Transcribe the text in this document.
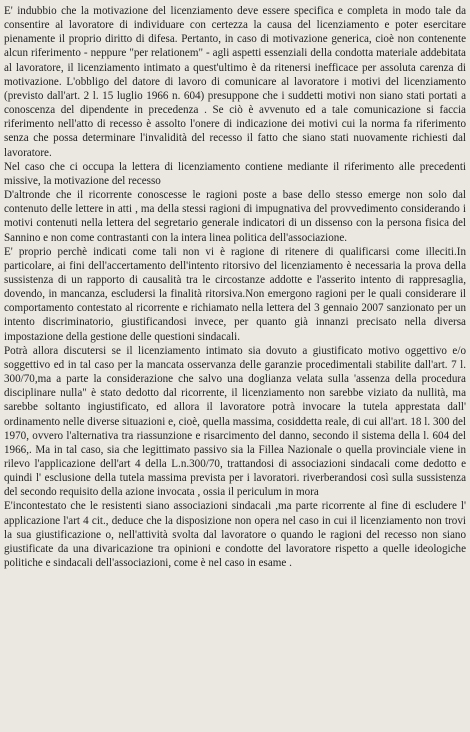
E' indubbio che la motivazione del licenziamento deve essere specifica e completa in modo tale da consentire al lavoratore di individuare con certezza la causa del licenziamento e poter esercitare pienamente il proprio diritto di difesa. Pertanto, in caso di motivazione generica, cioè non contenente alcun riferimento - neppure "per relationem" - agli aspetti essenziali della condotta materiale addebitata al lavoratore, il licenziamento intimato a quest'ultimo è da ritenersi inefficace per assoluta carenza di motivazione. L'obbligo del datore di lavoro di comunicare al lavoratore i motivi del licenziamento (previsto dall'art. 2 l. 15 luglio 1966 n. 604) presuppone che i suddetti motivi non siano stati portati a conoscenza del dipendente in precedenza . Se ciò è avvenuto ed a tale comunicazione si faccia riferimento nell'atto di recesso è assolto l'onere di indicazione dei motivi cui la norma fa riferimento senza che possa determinare l'invalidità del recesso il fatto che siano stati nuovamente richiesti dal lavoratore.

Nel caso che ci occupa la lettera di licenziamento contiene mediante il riferimento alle precedenti missive, la motivazione del recesso

D'altronde che il ricorrente conoscesse le ragioni poste a base dello stesso emerge non solo dal contenuto delle lettere in atti , ma della stessi ragioni di impugnativa del provvedimento considerando i motivi contenuti nella lettera del segretario generale indicatori di un dissenso con la persona fisica del Sannino e non come contrastanti con la intera linea politica dell'associazione.

E' proprio perchè indicati come tali non vi è ragione di ritenere di qualificarsi come illeciti.In particolare, ai fini dell'accertamento dell'intento ritorsivo del licenziamento è necessaria la prova della sussistenza di un rapporto di causalità tra le circostanze addotte e l'asserito intento di rappresaglia, dovendo, in mancanza, escludersi la finalità ritorsiva.Non emergono ragioni per le quali considerare il comportamento contestato al ricorrente e richiamato nella lettera del 3 gennaio 2007 sanzionato per un intento discriminatorio, giustificandosi invece, per quanto già innanzi precisato nella diversa impostazione della gestione delle questioni sindacali.

Potrà allora discutersi se il licenziamento intimato sia dovuto a giustificato motivo oggettivo e/o soggettivo ed in tal caso per la mancata osservanza delle garanzie procedimentali stabilite dall'art. 7 l. 300/70,ma a parte la considerazione che salvo una doglianza velata sulla 'assenza della procedura disciplinare nulla" è stato dedotto dal ricorrente, il licenziamento non sarebbe viziato da nullità, ma sarebbe soltanto ingiustificato, ed allora il lavoratore potrà invocare la tutela apprestata dall' ordinamento nelle diverse situazioni e, cioè, quella massima, cosiddetta reale, di cui all'art. 18 l. 300 del 1970, ovvero l'alternativa tra riassunzione e risarcimento del danno, secondo il sistema della l. 604 del 1966,. Ma in tal caso, sia che legittimato passivo sia la Fillea Nazionale o quella provinciale viene in rilevo l'applicazione dell'art 4 della L.n.300/70, trattandosi di associazioni sindacali come dedotto e quindi l' esclusione della tutela massima prevista per i lavoratori. riverberandosi così sulla sussistenza del secondo requisito della azione invocata , ossia il periculum in mora

E'incontestato che le resistenti siano associazioni sindacali ,ma parte ricorrente al fine di escludere l' applicazione l'art 4 cit., deduce che la disposizione non opera nel caso in cui il licenziamento non trovi la sua giustificazione o, nell'attività svolta dal lavoratore o quando le ragioni del recesso non siano giustificate da una divaricazione tra opinioni e condotte del lavoratore rispetto a quelle ideologiche politiche e sindacali dell'associazioni, come è nel caso in esame .
